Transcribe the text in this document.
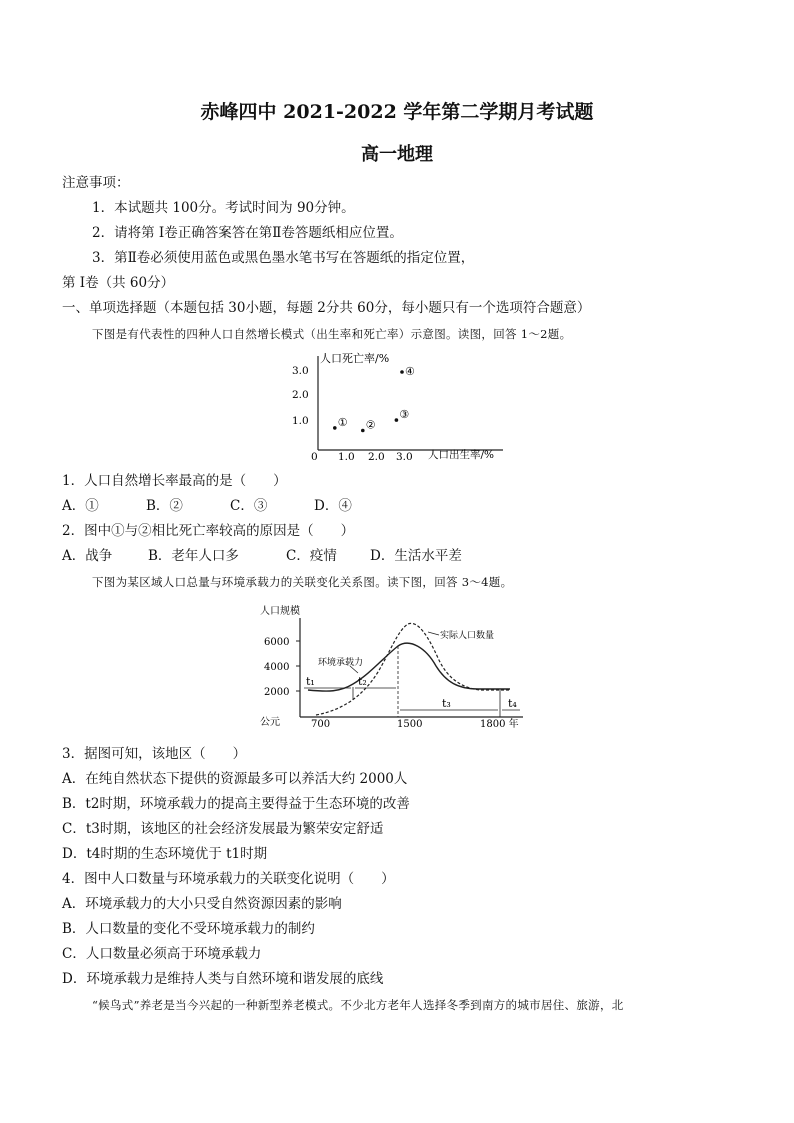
赤峰四中 2021-2022 学年第二学期月考试题
高一地理
注意事项：
1．本试题共 100分。考试时间为 90分钟。
2．请将第 I卷正确答案答在第Ⅱ卷答题纸相应位置。
3．第Ⅱ卷必须使用蓝色或黑色墨水笔书写在答题纸的指定位置，
第 I卷（共 60分）
一、单项选择题（本题包括 30小题，每题 2分共 60分，每小题只有一个选项符合题意）
下图是有代表性的四种人口自然增长模式（出生率和死亡率）示意图。读图，回答 1～2题。
人口死亡率/%
人口出生率/%
3.0
2.0
1.0
0 1.0 2.0 3.0
① ②
③
④
1．人口自然增长率最高的是（　　）
A．①	B．②	C．③	D．④
2．图中①与②相比死亡率较高的原因是（　　）
A．战争	B．老年人口多	C．疫情 D．生活水平差
下图为某区域人口总量与环境承载力的关联变化关系图。读下图，回答 3～4题。
人口规模
6000
4000
2000
公元	700	1500	1800 年
实际人口数量
环境承载力
t₁	t₂
t₃	t₄
3．据图可知，该地区（　　）
A．在纯自然状态下提供的资源最多可以养活大约 2000人
B．t2时期，环境承载力的提高主要得益于生态环境的改善
C．t3时期，该地区的社会经济发展最为繁荣安定舒适
D．t4时期的生态环境优于 t1时期
4．图中人口数量与环境承载力的关联变化说明（　　）
A．环境承载力的大小只受自然资源因素的影响
B．人口数量的变化不受环境承载力的制约
C．人口数量必须高于环境承载力
D．环境承载力是维持人类与自然环境和谐发展的底线
“候鸟式”养老是当今兴起的一种新型养老模式。不少北方老年人选择冬季到南方的城市居住、旅游，北
